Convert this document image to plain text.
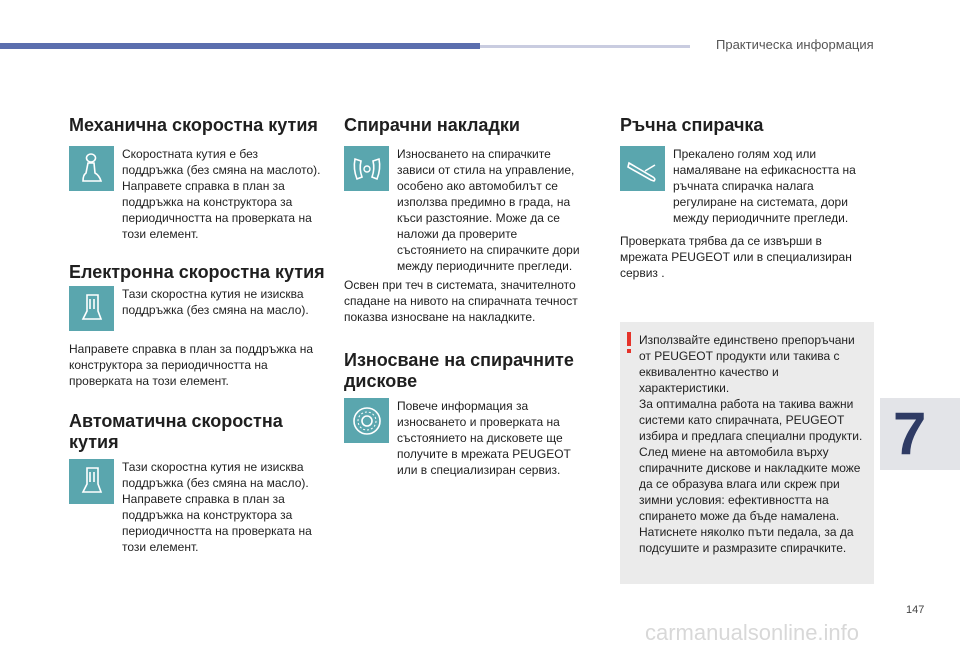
Практическа информация
7
Механична скоростна кутия
Скоростната кутия е без поддръжка (без смяна на маслото).
Направете справка в план за поддръжка на конструктора за периодичността на проверката на този елемент.
Електронна скоростна кутия
Тази скоростна кутия не изисква поддръжка (без смяна на масло).
Направете справка в план за поддръжка на конструктора за периодичността на проверката на този елемент.
Автоматична скоростна кутия
Тази скоростна кутия не изисква поддръжка (без смяна на масло).
Направете справка в план за поддръжка на конструктора за периодичността на проверката на този елемент.
Спирачни накладки
Износването на спирачките зависи от стила на управление, особено ако автомобилът се използва предимно в града, на къси разстояние. Може да се наложи да проверите състоянието на спирачките дори между периодичните прегледи.
Освен при теч в системата, значителното спадане на нивото на спирачната течност показва износване на накладките.
Износване на спирачните дискове
Повече информация за износването и проверката на състоянието на дисковете ще получите в мрежата PEUGEOT или в специализиран сервиз.
Ръчна спирачка
Прекалено голям ход или намаляване на ефикасността на ръчната спирачка налага регулиране на системата, дори между периодичните прегледи.
Проверката трябва да се извърши в мрежата PEUGEOT или в специализиран сервиз .
Използвайте единствено препоръчани от PEUGEOT продукти или такива с еквивалентно качество и характеристики.
За оптимална работа на такива важни системи като спирачната, PEUGEOT избира и предлага специални продукти.
След миене на автомобила върху спирачните дискове и накладките може да се образува влага или скреж при зимни условия: ефективността на спирането може да бъде намалена. Натиснете няколко пъти педала, за да подсушите и размразите спирачките.
147
carmanualsonline.info
